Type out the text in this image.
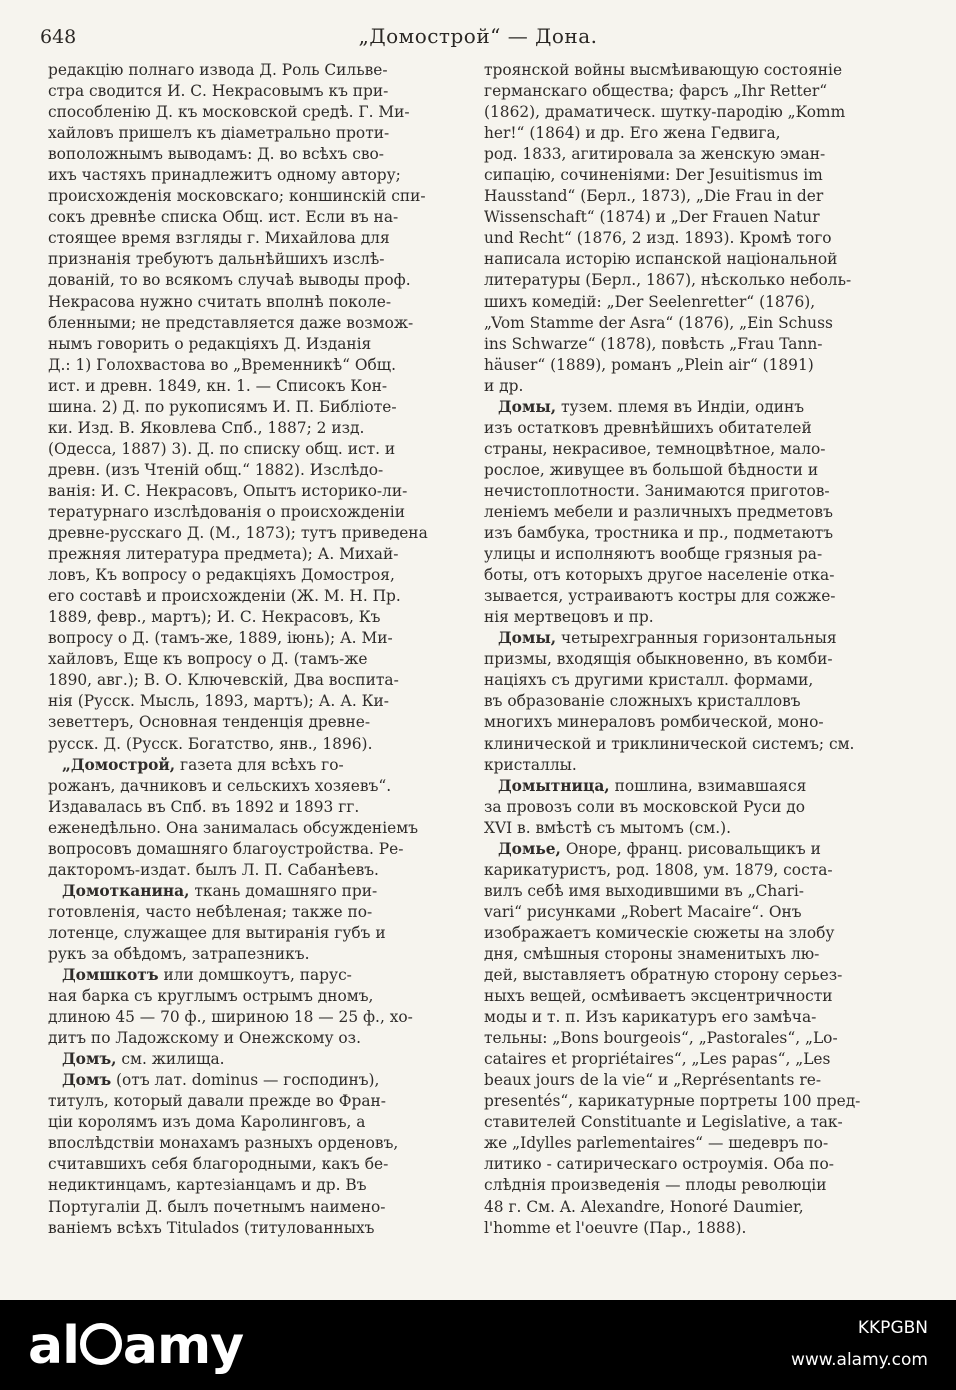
648	„Домострой“ — Дона.
редакцію полнаго извода Д. Роль Сильве-
стра сводится И. С. Некрасовымъ къ при-
способленію Д. къ московской средѣ. Г. Ми-
хайловъ пришелъ къ діаметрально проти-
воположнымъ выводамъ: Д. во всѣхъ сво-
ихъ частяхъ принадлежитъ одному автору;
происхожденія московскаго; коншинскій спи-
сокъ древнѣе списка Общ. ист. Если въ на-
стоящее время взгляды г. Михайлова для
признанія требуютъ дальнѣйшихъ изслѣ-
дованій, то во всякомъ случаѣ выводы проф.
Некрасова нужно считать вполнѣ поколе-
бленными; не представляется даже возмож-
нымъ говорить о редакціяхъ Д. Изданія
Д.: 1) Голохвастова во „Временникѣ“ Общ.
ист. и древн. 1849, кн. 1. — Списокъ Кон-
шина. 2) Д. по рукописямъ И. П. Библіоте-
ки. Изд. В. Яковлева Спб., 1887; 2 изд.
(Одесса, 1887) 3). Д. по списку общ. ист. и
древн. (изъ Чтеній общ.“ 1882). Изслѣдо-
ванія: И. С. Некрасовъ, Опытъ историко-ли-
тературнаго изслѣдованія о происхожденіи
древне-русскаго Д. (М., 1873); тутъ приведена
прежняя литература предмета); А. Михай-
ловъ, Къ вопросу о редакціяхъ Домостроя,
его составѣ и происхожденіи (Ж. М. Н. Пр.
1889, февр., мартъ); И. С. Некрасовъ, Къ
вопросу о Д. (тамъ-же, 1889, іюнь); А. Ми-
хайловъ, Еще къ вопросу о Д. (тамъ-же
1890, авг.); В. О. Ключевскій, Два воспита-
нія (Русск. Мысль, 1893, мартъ); А. А. Ки-
зеветтеръ, Основная тенденція древне-
русск. Д. (Русск. Богатство, янв., 1896).
„Домострой, газета для всѣхъ го-
рожанъ, дачниковъ и сельскихъ хозяевъ“.
Издавалась въ Спб. въ 1892 и 1893 гг.
еженедѣльно. Она занималась обсужденіемъ
вопросовъ домашняго благоустройства. Ре-
дакторомъ-издат. былъ Л. П. Сабанѣевъ.
Домотканина, ткань домашняго при-
готовленія, часто небѣленая; также по-
лотенце, служащее для вытиранія губъ и
рукъ за обѣдомъ, затрапезникъ.
Домшкотъ или домшкоутъ, парус-
ная барка съ круглымъ острымъ дномъ,
длиною 45 — 70 ф., шириною 18 — 25 ф., хо-
дитъ по Ладожскому и Онежскому оз.
Домъ, см. жилища.
Домъ (отъ лат. dominus — господинъ),
титулъ, который давали прежде во Фран-
ціи королямъ изъ дома Каролинговъ, а
впослѣдствіи монахамъ разныхъ орденовъ,
считавшихъ себя благородными, какъ бе-
недиктинцамъ, картезіанцамъ и др. Въ
Португаліи Д. былъ почетнымъ наимено-
ваніемъ всѣхъ Titulados (титулованныхъ
троянской войны высмѣивающую состояніе
германскаго общества; фарсъ „Ihr Retter“
(1862), драматическ. шутку-пародію „Komm
her!“ (1864) и др. Его жена Гедвига,
род. 1833, агитировала за женскую эман-
сипацію, сочиненіями: Der Jesuitismus im
Hausstand“ (Берл., 1873), „Die Frau in der
Wissenschaft“ (1874) и „Der Frauen Natur
und Recht“ (1876, 2 изд. 1893). Кромѣ того
написала исторію испанской національной
литературы (Берл., 1867), нѣсколько неболь-
шихъ комедій: „Der Seelenretter“ (1876),
„Vom Stamme der Asra“ (1876), „Ein Schuss
ins Schwarze“ (1878), повѣсть „Frau Tann-
häuser“ (1889), романъ „Plein air“ (1891)
и др.
Домы, тузем. племя въ Индіи, одинъ
изъ остатковъ древнѣйшихъ обитателей
страны, некрасивое, темноцвѣтное, мало-
рослое, живущее въ большой бѣдности и
нечистоплотности. Занимаются приготов-
леніемъ мебели и различныхъ предметовъ
изъ бамбука, тростника и пр., подметаютъ
улицы и исполняютъ вообще грязныя ра-
боты, отъ которыхъ другое населеніе отка-
зывается, устраиваютъ костры для сожже-
нія мертвецовъ и пр.
Домы, четырехгранныя горизонтальныя
призмы, входящія обыкновенно, въ комби-
націяхъ съ другими кристалл. формами,
въ образованіе сложныхъ кристалловъ
многихъ минераловъ ромбической, моно-
клинической и триклинической системъ; см.
кристаллы.
Домытница, пошлина, взимавшаяся
за провозъ соли въ московской Руси до
XVI в. вмѣстѣ съ мытомъ (см.).
Домье, Оноре, франц. рисовальщикъ и
карикатуристъ, род. 1808, ум. 1879, соста-
вилъ себѣ имя выходившими въ „Chari-
vari“ рисунками „Robert Macaire“. Онъ
изображаетъ комическіе сюжеты на злобу
дня, смѣшныя стороны знаменитыхъ лю-
дей, выставляетъ обратную сторону серьез-
ныхъ вещей, осмѣиваетъ эксцентричности
моды и т. п. Изъ карикатуръ его замѣча-
тельны: „Bons bourgeois“, „Pastorales“, „Lo-
cataires et propriétaires“, „Les papas“, „Les
beaux jours de la vie“ и „Représentants re-
presentés“, карикатурные портреты 100 пред-
ставителей Constituante и Legislative, а так-
же „Idylles parlementaires“ — шедевръ по-
литико - сатирическаго остроумія. Оба по-
слѣднія произведенія — плоды революціи
48 г. См. A. Alexandre, Honoré Daumier,
l'homme et l'oeuvre (Пар., 1888).
al amy	KKPGBN
www.alamy.com
